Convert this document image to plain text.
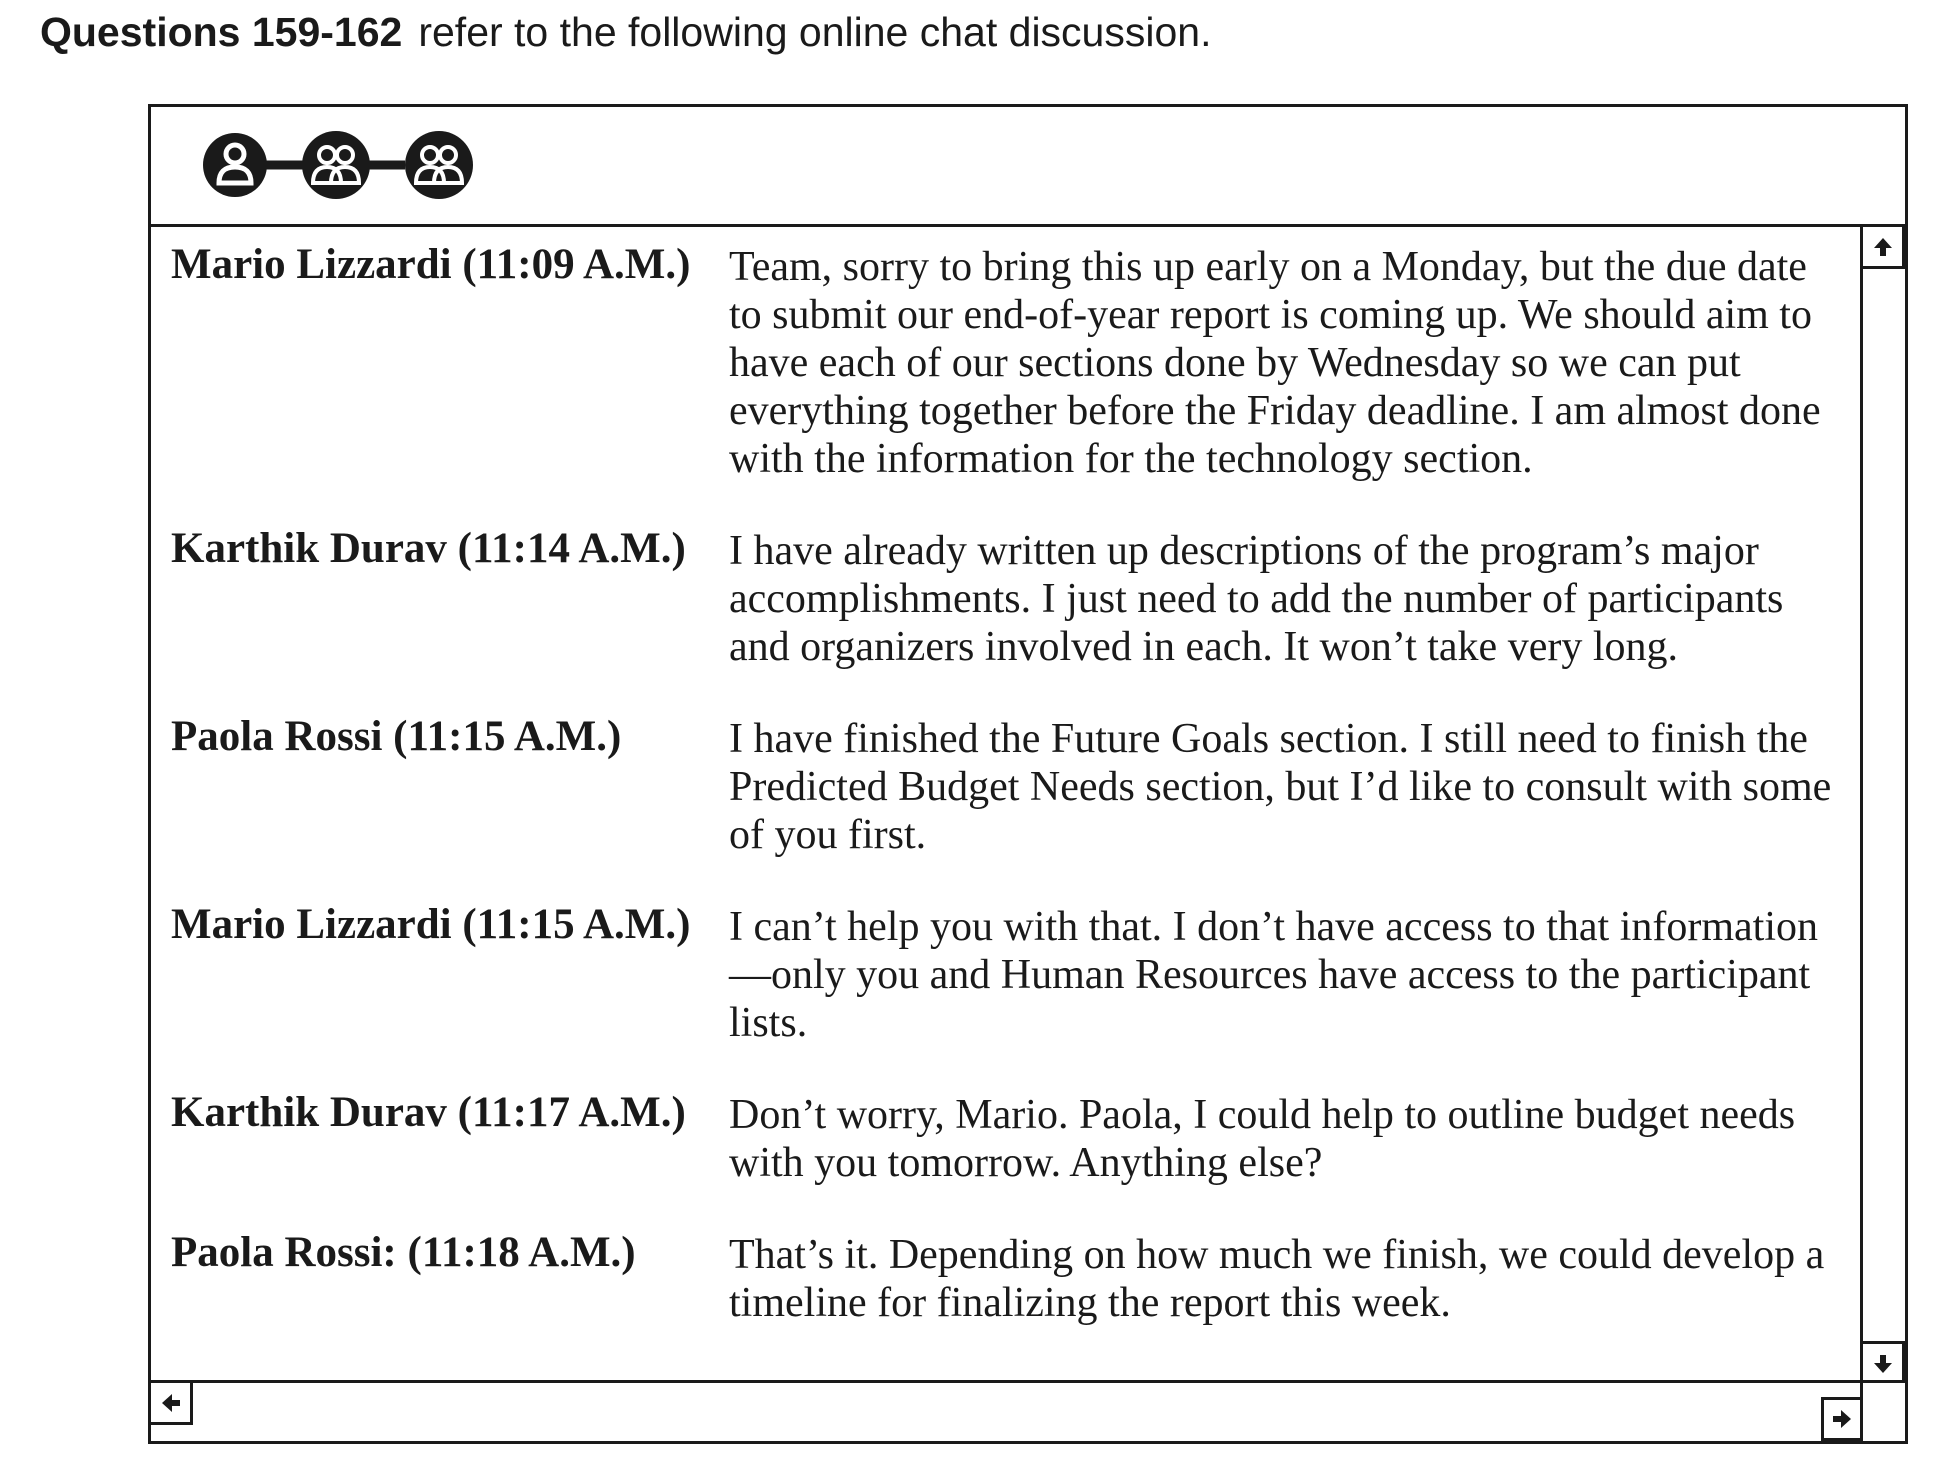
Questions 159-162 refer to the following online chat discussion.
Mario Lizzardi (11:09 A.M.) Team, sorry to bring this up early on a Monday, but the due date to submit our end-of-year report is coming up. We should aim to have each of our sections done by Wednesday so we can put everything together before the Friday deadline. I am almost done with the information for the technology section.
Karthik Durav (11:14 A.M.)	I have already written up descriptions of the program’s major accomplishments. I just need to add the number of participants and organizers involved in each. It won’t take very long.
Paola Rossi (11:15 A.M.)	I have finished the Future Goals section. I still need to finish the Predicted Budget Needs section, but I’d like to consult with some of you first.
Mario Lizzardi (11:15 A.M.) I can’t help you with that. I don’t have access to that information—only you and Human Resources have access to the participant lists.
Karthik Durav (11:17 A.M.)	Don’t worry, Mario. Paola, I could help to outline budget needs with you tomorrow. Anything else?
Paola Rossi: (11:18 A.M.)	That’s it. Depending on how much we finish, we could develop a timeline for finalizing the report this week.
